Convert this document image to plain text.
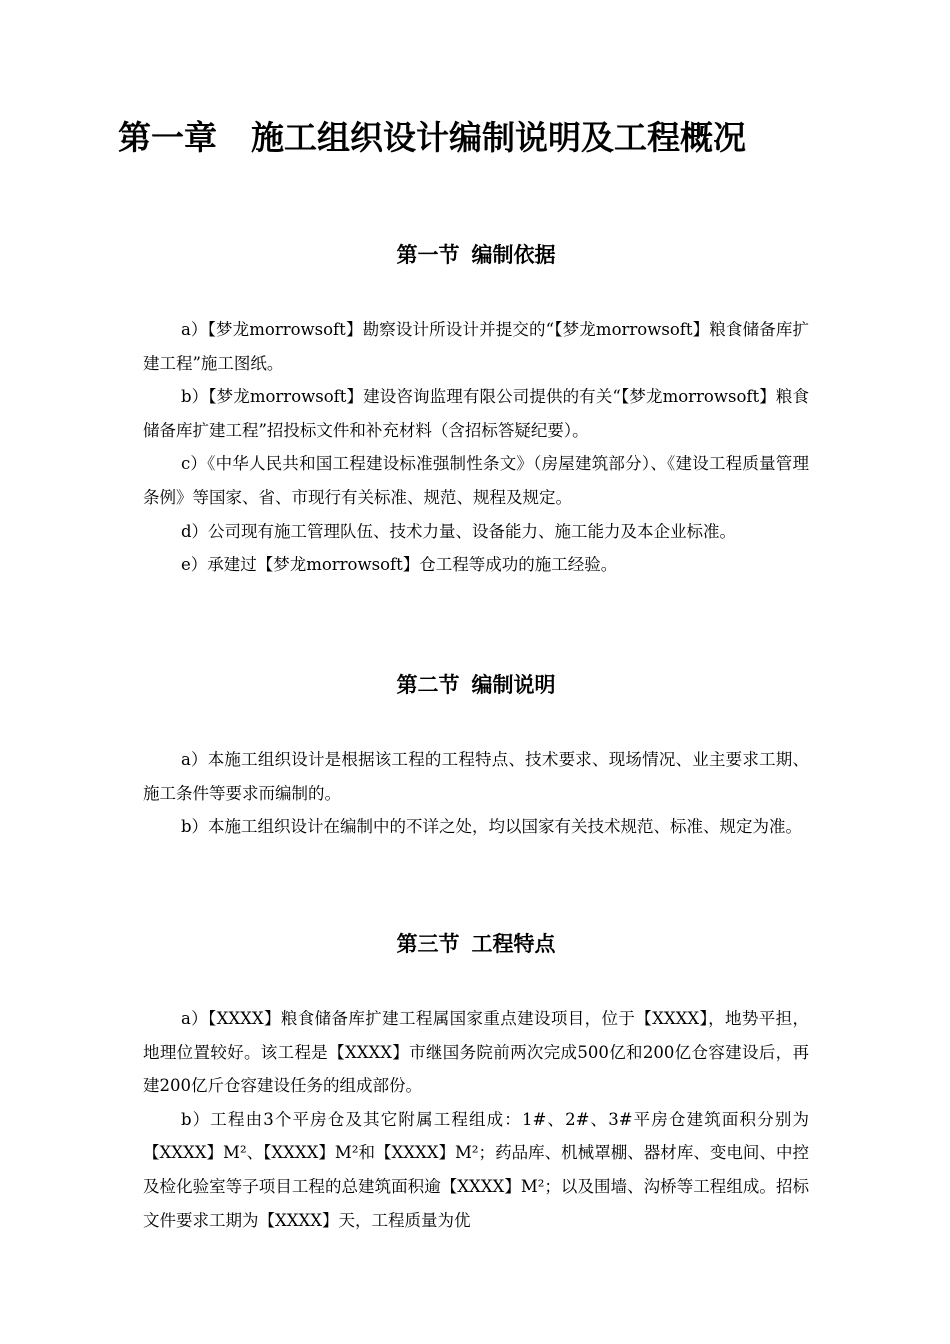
第一章 施工组织设计编制说明及工程概况
第一节 编制依据

a）【梦龙morrowsoft】勘察设计所设计并提交的“【梦龙morrowsoft】粮食储备库扩建工程”施工图纸。

b）【梦龙morrowsoft】建设咨询监理有限公司提供的有关“【梦龙morrowsoft】粮食储备库扩建工程”招投标文件和补充材料（含招标答疑纪要）。

c）《中华人民共和国工程建设标准强制性条文》（房屋建筑部分）、《建设工程质量管理条例》等国家、省、市现行有关标准、规范、规程及规定。

d）公司现有施工管理队伍、技术力量、设备能力、施工能力及本企业标准。

e）承建过【梦龙morrowsoft】仓工程等成功的施工经验。

第二节 编制说明

a）本施工组织设计是根据该工程的工程特点、技术要求、现场情况、业主要求工期、施工条件等要求而编制的。

b）本施工组织设计在编制中的不详之处，均以国家有关技术规范、标准、规定为准。

第三节 工程特点

a）【XXXX】粮食储备库扩建工程属国家重点建设项目，位于【XXXX】，地势平担，地理位置较好。该工程是【XXXX】市继国务院前两次完成500亿和200亿仓容建设后，再建200亿斤仓容建设任务的组成部份。

b）工程由3个平房仓及其它附属工程组成：1#、2#、3#平房仓建筑面积分别为【XXXX】M²、【XXXX】M²和【XXXX】M²；药品库、机械罩棚、器材库、变电间、中控及检化验室等子项目工程的总建筑面积逾【XXXX】M²；以及围墙、沟桥等工程组成。招标文件要求工期为【XXXX】天，工程质量为优
